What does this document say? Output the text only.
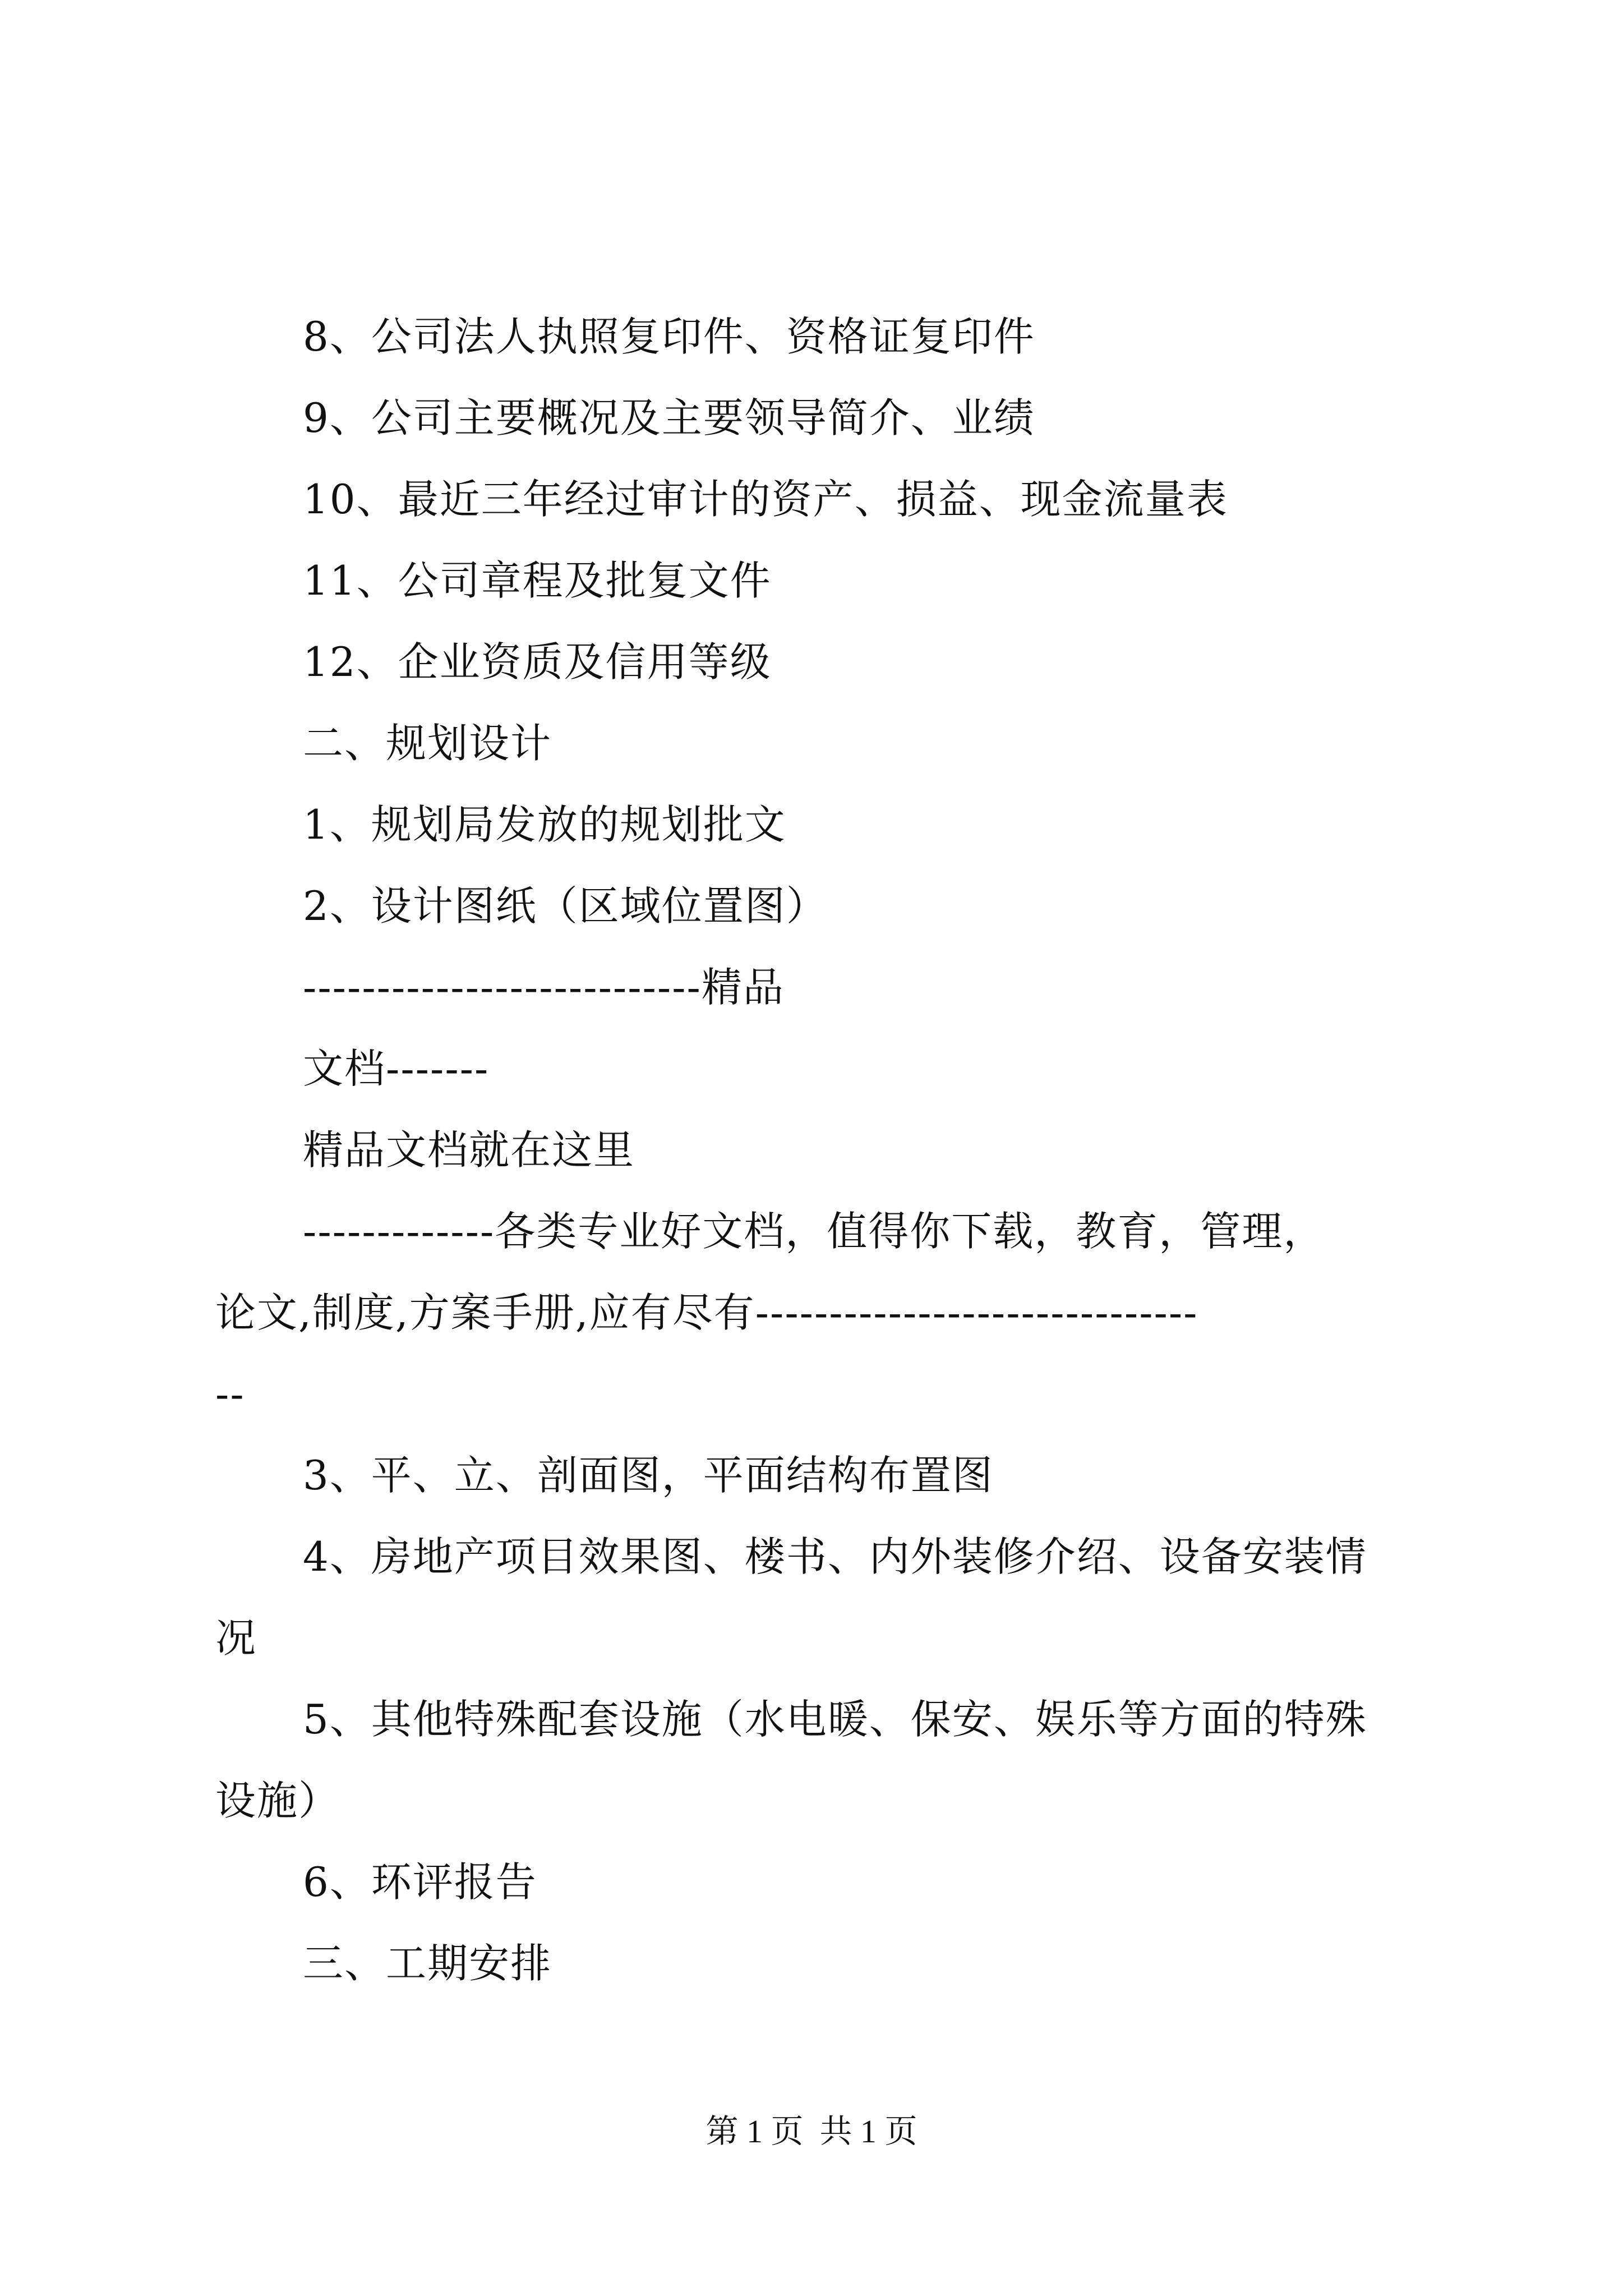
8、公司法人执照复印件、资格证复印件
9、公司主要概况及主要领导简介、业绩
10、最近三年经过审计的资产、损益、现金流量表
11、公司章程及批复文件
12、企业资质及信用等级
二、规划设计
1、规划局发放的规划批文
2、设计图纸（区域位置图）
---------------------------精品
文档-------
精品文档就在这里
-------------各类专业好文档，值得你下载，教育，管理，
论文,制度,方案手册,应有尽有------------------------------
--
3、平、立、剖面图，平面结构布置图
4、房地产项目效果图、楼书、内外装修介绍、设备安装情
况
5、其他特殊配套设施（水电暖、保安、娱乐等方面的特殊
设施）
6、环评报告
三、工期安排
第 1 页  共 1 页
